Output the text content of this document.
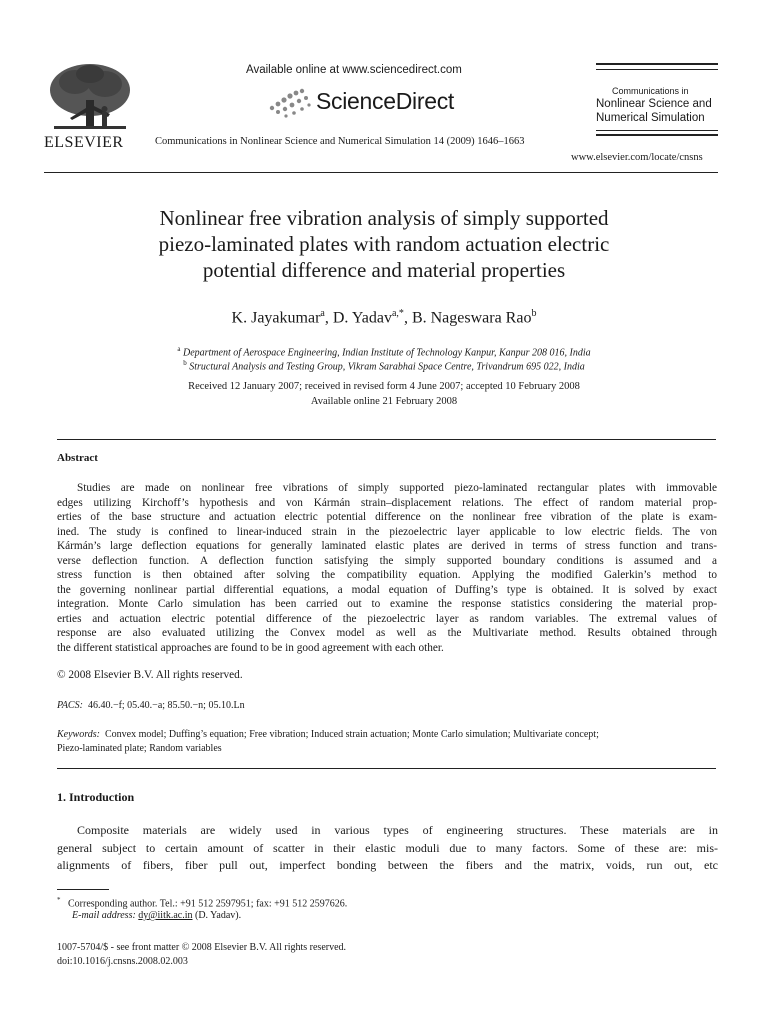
ELSEVIER
Available online at www.sciencedirect.com
ScienceDirect
Communications in Nonlinear Science and Numerical Simulation 14 (2009) 1646–1663
Communications in
Nonlinear Science and
Numerical Simulation
www.elsevier.com/locate/cnsns
Nonlinear free vibration analysis of simply supported
piezo-laminated plates with random actuation electric
potential difference and material properties
K. Jayakumar$^a$, D. Yadav$^{a,*}$, B. Nageswara Rao$^b$
$^a$ Department of Aerospace Engineering, Indian Institute of Technology Kanpur, Kanpur 208 016, India
$^b$ Structural Analysis and Testing Group, Vikram Sarabhai Space Centre, Trivandrum 695 022, India
Received 12 January 2007; received in revised form 4 June 2007; accepted 10 February 2008
Available online 21 February 2008
Abstract

Studies are made on nonlinear free vibrations of simply supported piezo-laminated rectangular plates with immovable
edges utilizing Kirchoff’s hypothesis and von Kármán strain–displacement relations. The effect of random material prop-
erties of the base structure and actuation electric potential difference on the nonlinear free vibration of the plate is exam-
ined. The study is confined to linear-induced strain in the piezoelectric layer applicable to low electric fields. The von
Kármán’s large deflection equations for generally laminated elastic plates are derived in terms of stress function and trans-
verse deflection function. A deflection function satisfying the simply supported boundary conditions is assumed and a
stress function is then obtained after solving the compatibility equation. Applying the modified Galerkin’s method to
the governing nonlinear partial differential equations, a modal equation of Duffing’s type is obtained. It is solved by exact
integration. Monte Carlo simulation has been carried out to examine the response statistics considering the material prop-
erties and actuation electric potential difference of the piezoelectric layer as random variables. The extremal values of
response are also evaluated utilizing the Convex model as well as the Multivariate method. Results obtained through
the different statistical approaches are found to be in good agreement with each other.

© 2008 Elsevier B.V. All rights reserved.
PACS: 46.40.−f; 05.40.−a; 85.50.−n; 05.10.Ln
Keywords: Convex model; Duffing’s equation; Free vibration; Induced strain actuation; Monte Carlo simulation; Multivariate concept;
Piezo-laminated plate; Random variables
1. Introduction

Composite materials are widely used in various types of engineering structures. These materials are in
general subject to certain amount of scatter in their elastic moduli due to many factors. Some of these are: mis-
alignments of fibers, fiber pull out, imperfect bonding between the fibers and the matrix, voids, run out, etc

* Corresponding author. Tel.: +91 512 2597951; fax: +91 512 2597626.
E-mail address: dy@iitk.ac.in (D. Yadav).
1007-5704/$ - see front matter © 2008 Elsevier B.V. All rights reserved.
doi:10.1016/j.cnsns.2008.02.003
